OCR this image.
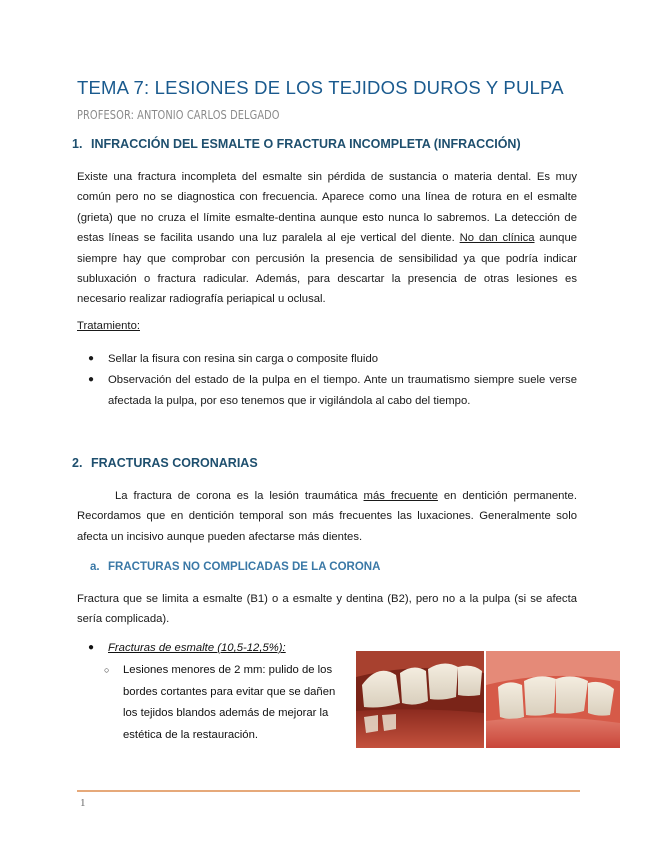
TEMA 7: LESIONES DE LOS TEJIDOS DUROS Y PULPA
PROFESOR: ANTONIO CARLOS DELGADO
1. INFRACCIÓN DEL ESMALTE O FRACTURA INCOMPLETA (INFRACCIÓN)
Existe una fractura incompleta del esmalte sin pérdida de sustancia o materia dental. Es muy común pero no se diagnostica con frecuencia. Aparece como una línea de rotura en el esmalte (grieta) que no cruza el límite esmalte-dentina aunque esto nunca lo sabremos. La detección de estas líneas se facilita usando una luz paralela al eje vertical del diente. No dan clínica aunque siempre hay que comprobar con percusión la presencia de sensibilidad ya que podría indicar subluxación o fractura radicular. Además, para descartar la presencia de otras lesiones es necesario realizar radiografía periapical u oclusal.
Tratamiento:
● Sellar la fisura con resina sin carga o composite fluido
● Observación del estado de la pulpa en el tiempo. Ante un traumatismo siempre suele verse afectada la pulpa, por eso tenemos que ir vigilándola al cabo del tiempo.
2. FRACTURAS CORONARIAS
La fractura de corona es la lesión traumática más frecuente en dentición permanente. Recordamos que en dentición temporal son más frecuentes las luxaciones. Generalmente solo afecta un incisivo aunque pueden afectarse más dientes.
a. FRACTURAS NO COMPLICADAS DE LA CORONA
Fractura que se limita a esmalte (B1) o a esmalte y dentina (B2), pero no a la pulpa (si se afecta sería complicada).
● Fracturas de esmalte (10,5-12,5%):
○	Lesiones menores de 2 mm: pulido de los bordes cortantes para evitar que se dañen los tejidos blandos además de mejorar la estética de la restauración.
1
